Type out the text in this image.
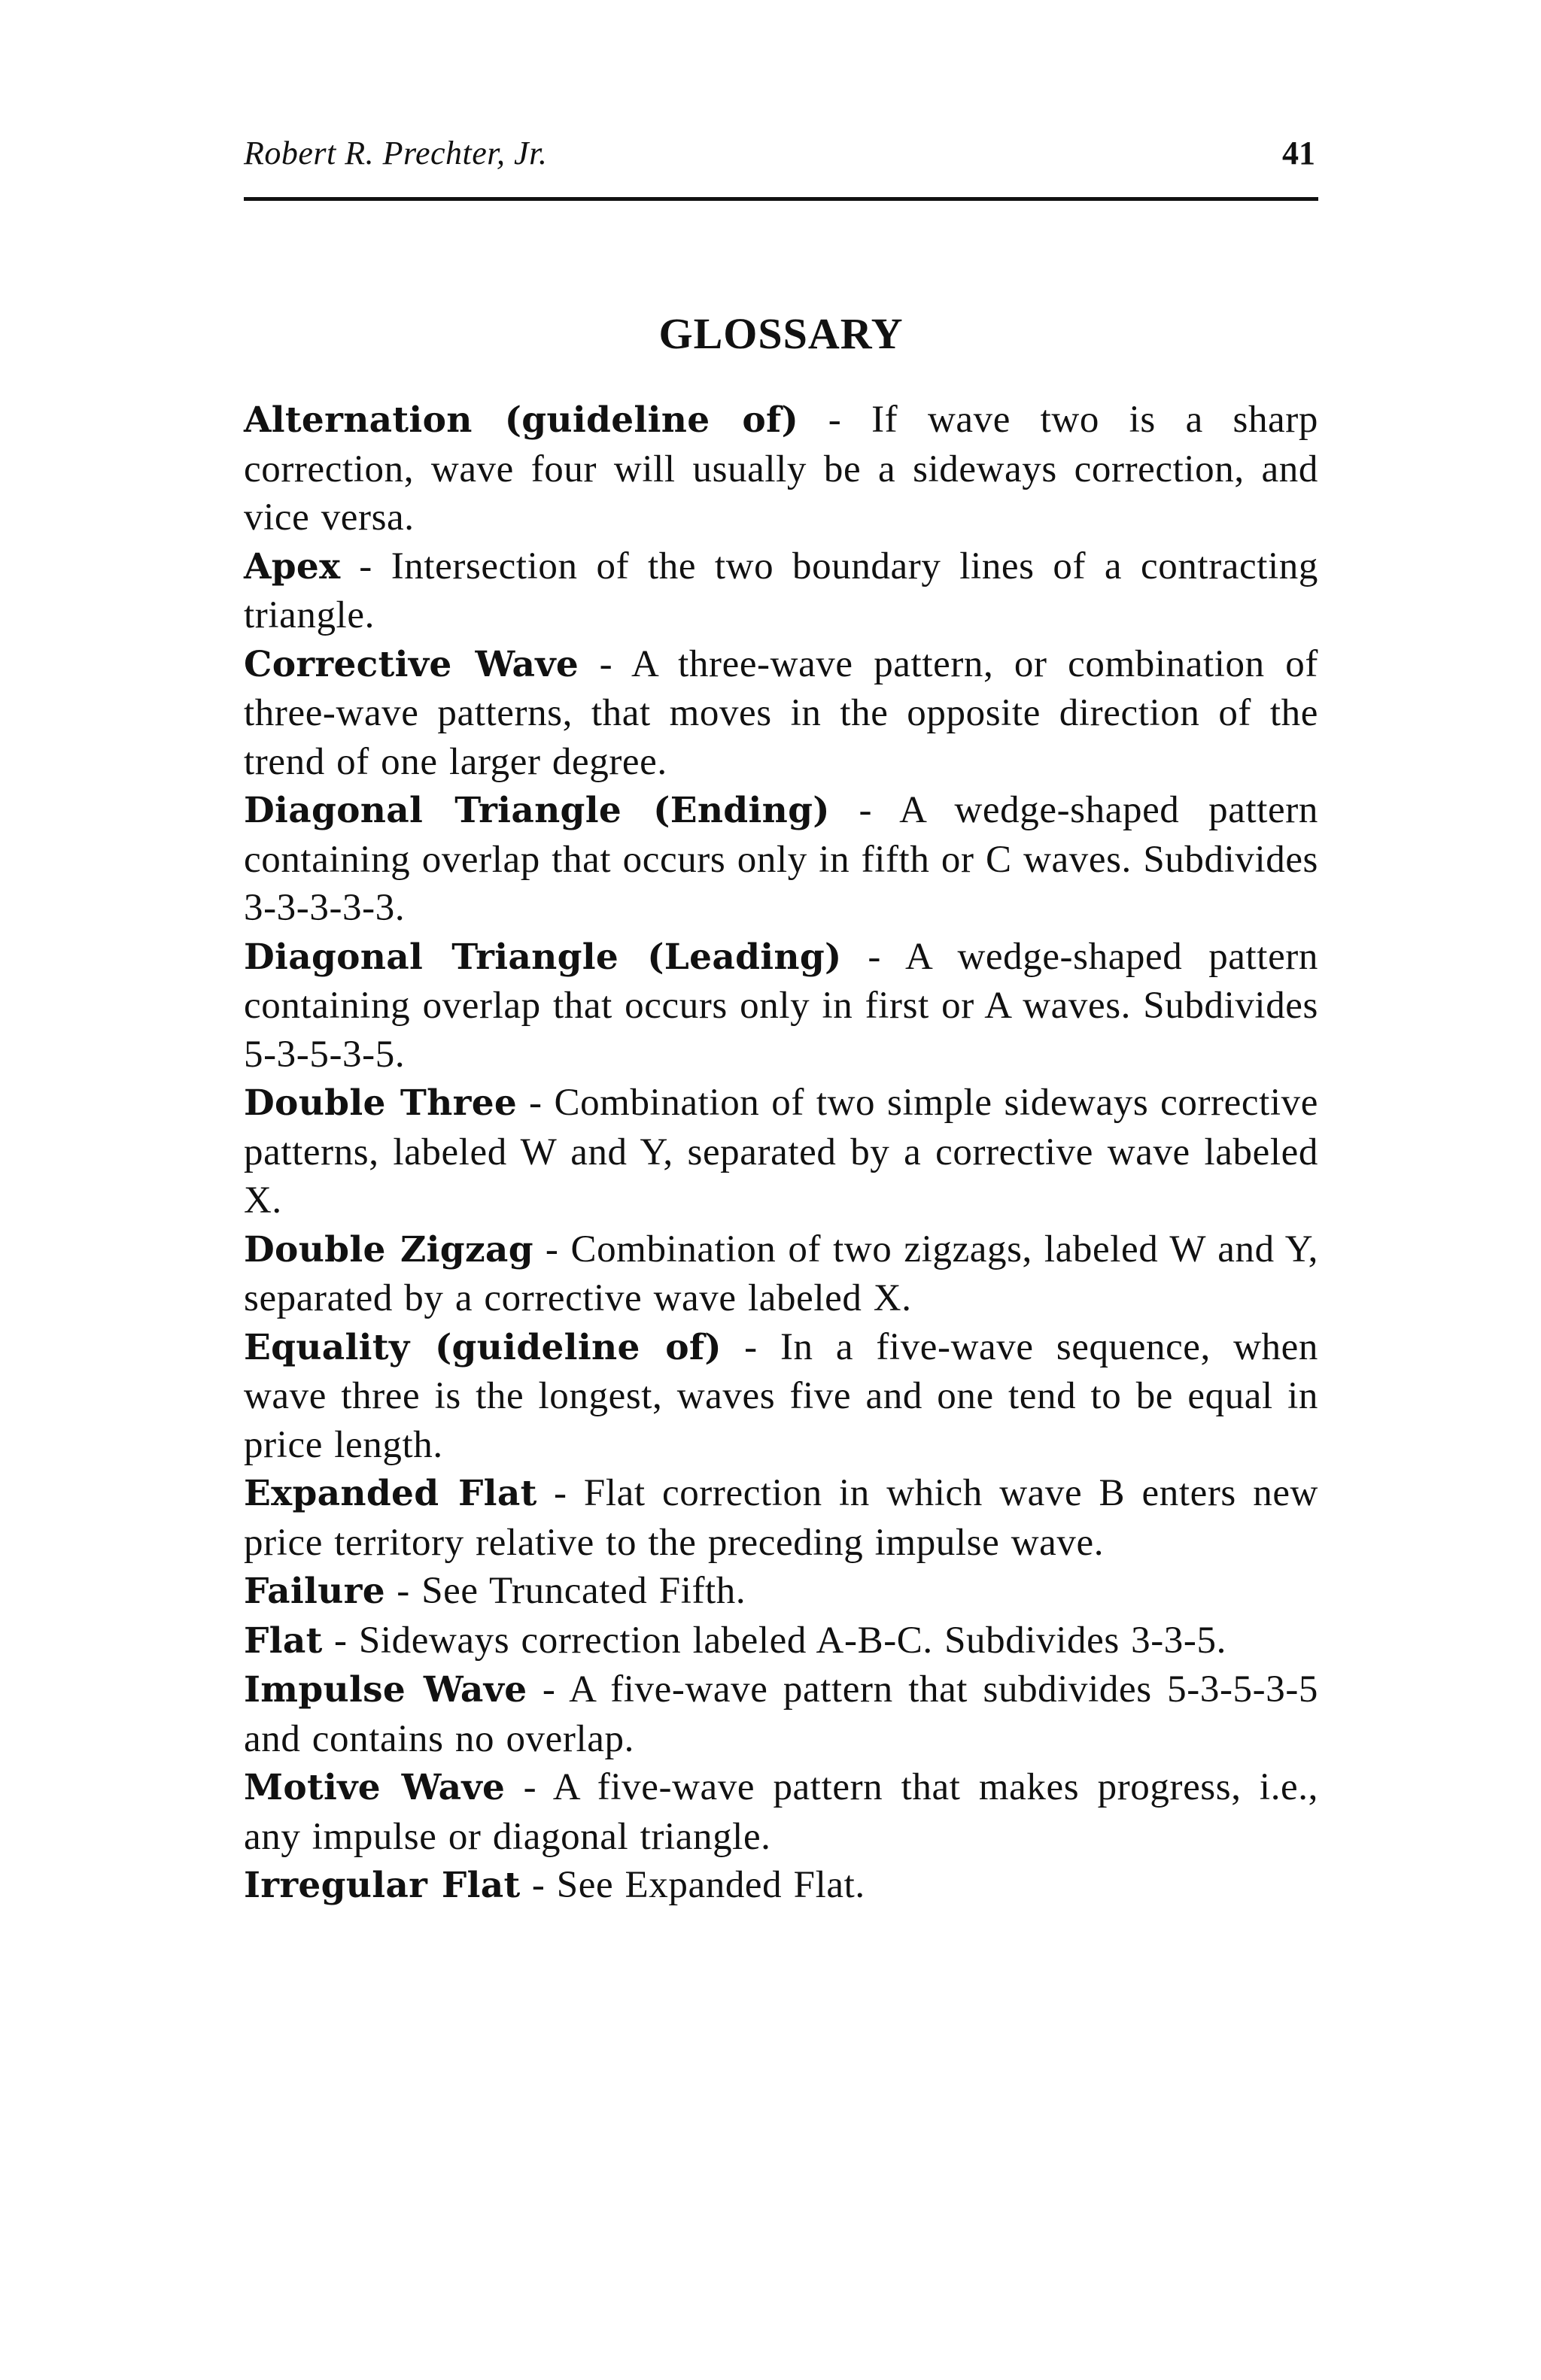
Robert R. Prechter, Jr.	41
GLOSSARY

Alternation (guideline of) - If wave two is a sharp correction, wave four will usually be a sideways correction, and vice versa.

Apex - Intersection of the two boundary lines of a contracting triangle.

Corrective Wave - A three-wave pattern, or combination of three-wave patterns, that moves in the opposite direction of the trend of one larger degree.

Diagonal Triangle (Ending) - A wedge-shaped pattern containing overlap that occurs only in fifth or C waves. Subdivides 3-3-3-3-3.

Diagonal Triangle (Leading) - A wedge-shaped pattern containing overlap that occurs only in first or A waves. Subdivides 5-3-5-3-5.

Double Three - Combination of two simple sideways corrective patterns, labeled W and Y, separated by a corrective wave labeled X.

Double Zigzag - Combination of two zigzags, labeled W and Y, separated by a corrective wave labeled X.

Equality (guideline of) - In a five-wave sequence, when wave three is the longest, waves five and one tend to be equal in price length.

Expanded Flat - Flat correction in which wave B enters new price territory relative to the preceding impulse wave.

Failure - See Truncated Fifth.

Flat - Sideways correction labeled A-B-C. Subdivides 3-3-5.

Impulse Wave - A five-wave pattern that subdivides 5-3-5-3-5 and contains no overlap.

Motive Wave - A five-wave pattern that makes progress, i.e., any impulse or diagonal triangle.

Irregular Flat - See Expanded Flat.
